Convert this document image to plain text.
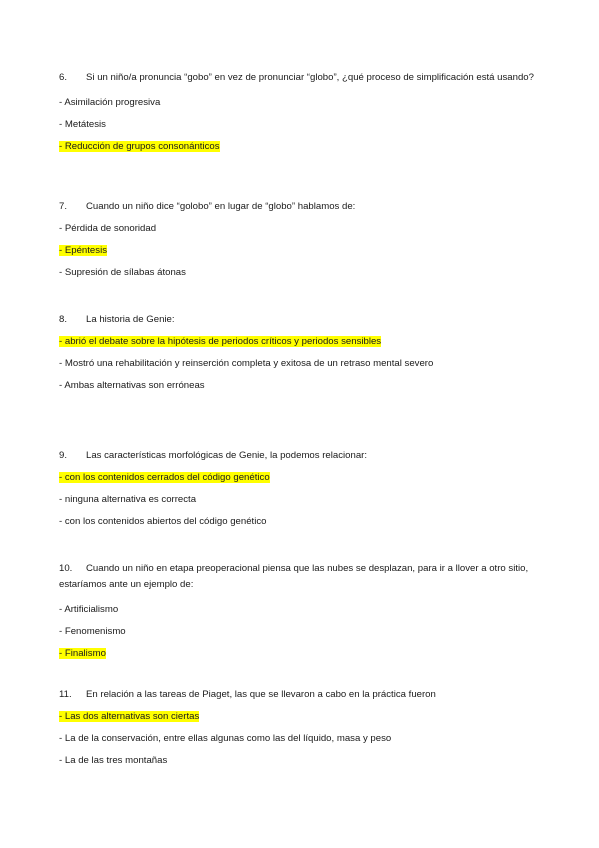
6. Si un niño/a pronuncia “gobo” en vez de pronunciar “globo”, ¿qué proceso de simplificación está usando?

- Asimilación progresiva

- Metátesis

- Reducción de grupos consonánticos

7. Cuando un niño dice “golobo” en lugar de “globo” hablamos de:

- Pérdida de sonoridad

- Epéntesis

- Supresión de sílabas átonas

8. La historia de Genie:

- abrió el debate sobre la hipótesis de periodos críticos y periodos sensibles

- Mostró una rehabilitación y reinserción completa y exitosa de un retraso mental severo

- Ambas alternativas son erróneas

9. Las características morfológicas de Genie, la podemos relacionar:

- con los contenidos cerrados del código genético

- ninguna alternativa es correcta

- con los contenidos abiertos del código genético

10. Cuando un niño en etapa preoperacional piensa que las nubes se desplazan, para ir a llover a otro sitio, estaríamos ante un ejemplo de:

- Artificialismo

- Fenomenismo

- Finalismo

11. En relación a las tareas de Piaget, las que se llevaron a cabo en la práctica fueron

- Las dos alternativas son ciertas

- La de la conservación, entre ellas algunas como las del líquido, masa y peso

- La de las tres montañas
